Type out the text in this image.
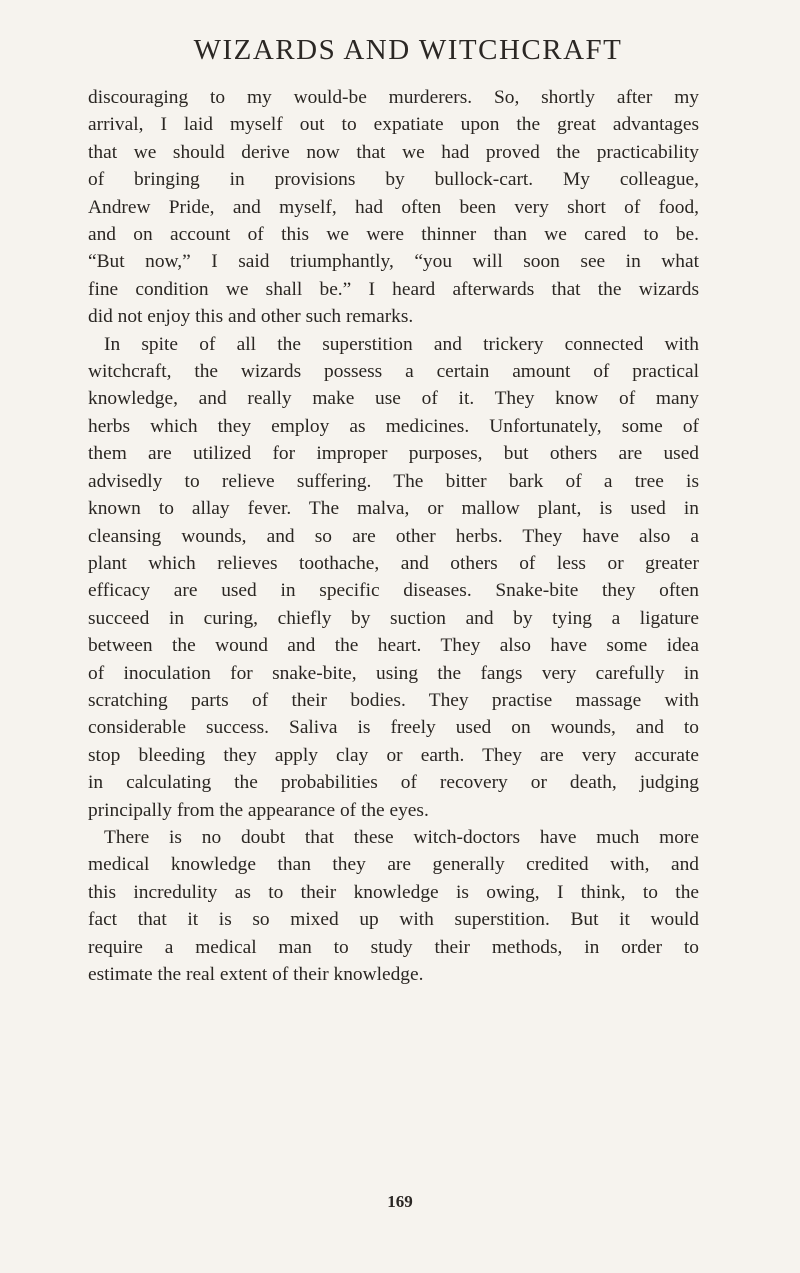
WIZARDS AND WITCHCRAFT
discouraging to my would-be murderers. So, shortly after my
arrival, I laid myself out to expatiate upon the great advantages
that we should derive now that we had proved the practicability
of bringing in provisions by bullock-cart. My colleague,
Andrew Pride, and myself, had often been very short of food,
and on account of this we were thinner than we cared to be.
“But now,” I said triumphantly, “you will soon see in what
fine condition we shall be.” I heard afterwards that the wizards
did not enjoy this and other such remarks.
In spite of all the superstition and trickery connected with
witchcraft, the wizards possess a certain amount of practical
knowledge, and really make use of it. They know of many
herbs which they employ as medicines. Unfortunately, some of
them are utilized for improper purposes, but others are used
advisedly to relieve suffering. The bitter bark of a tree is
known to allay fever. The malva, or mallow plant, is used in
cleansing wounds, and so are other herbs. They have also a
plant which relieves toothache, and others of less or greater
efficacy are used in specific diseases. Snake-bite they often
succeed in curing, chiefly by suction and by tying a ligature
between the wound and the heart. They also have some idea
of inoculation for snake-bite, using the fangs very carefully in
scratching parts of their bodies. They practise massage with
considerable success. Saliva is freely used on wounds, and to
stop bleeding they apply clay or earth. They are very accurate
in calculating the probabilities of recovery or death, judging
principally from the appearance of the eyes.
There is no doubt that these witch-doctors have much more
medical knowledge than they are generally credited with, and
this incredulity as to their knowledge is owing, I think, to the
fact that it is so mixed up with superstition. But it would
require a medical man to study their methods, in order to
estimate the real extent of their knowledge.
169
